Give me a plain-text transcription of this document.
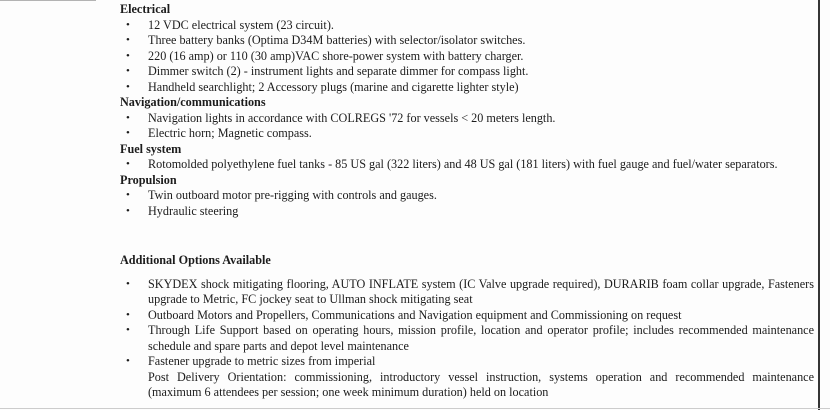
Electrical
• 12 VDC electrical system (23 circuit).
• Three battery banks (Optima D34M batteries) with selector/isolator switches.
• 220 (16 amp) or 110 (30 amp)VAC shore-power system with battery charger.
• Dimmer switch (2) - instrument lights and separate dimmer for compass light.
• Handheld searchlight; 2 Accessory plugs (marine and cigarette lighter style)
Navigation/communications
• Navigation lights in accordance with COLREGS '72 for vessels < 20 meters length.
• Electric horn; Magnetic compass.
Fuel system
• Rotomolded polyethylene fuel tanks - 85 US gal (322 liters) and 48 US gal (181 liters) with fuel gauge and fuel/water separators.
Propulsion
• Twin outboard motor pre-rigging with controls and gauges.
• Hydraulic steering
Additional Options Available
• SKYDEX shock mitigating flooring, AUTO INFLATE system (IC Valve upgrade required), DURARIB foam collar upgrade, Fasteners upgrade to Metric, FC jockey seat to Ullman shock mitigating seat
• Outboard Motors and Propellers, Communications and Navigation equipment and Commissioning on request
• Through Life Support based on operating hours, mission profile, location and operator profile; includes recommended maintenance schedule and spare parts and depot level maintenance
• Fastener upgrade to metric sizes from imperial
Post Delivery Orientation: commissioning, introductory vessel instruction, systems operation and recommended maintenance (maximum 6 attendees per session; one week minimum duration) held on location
